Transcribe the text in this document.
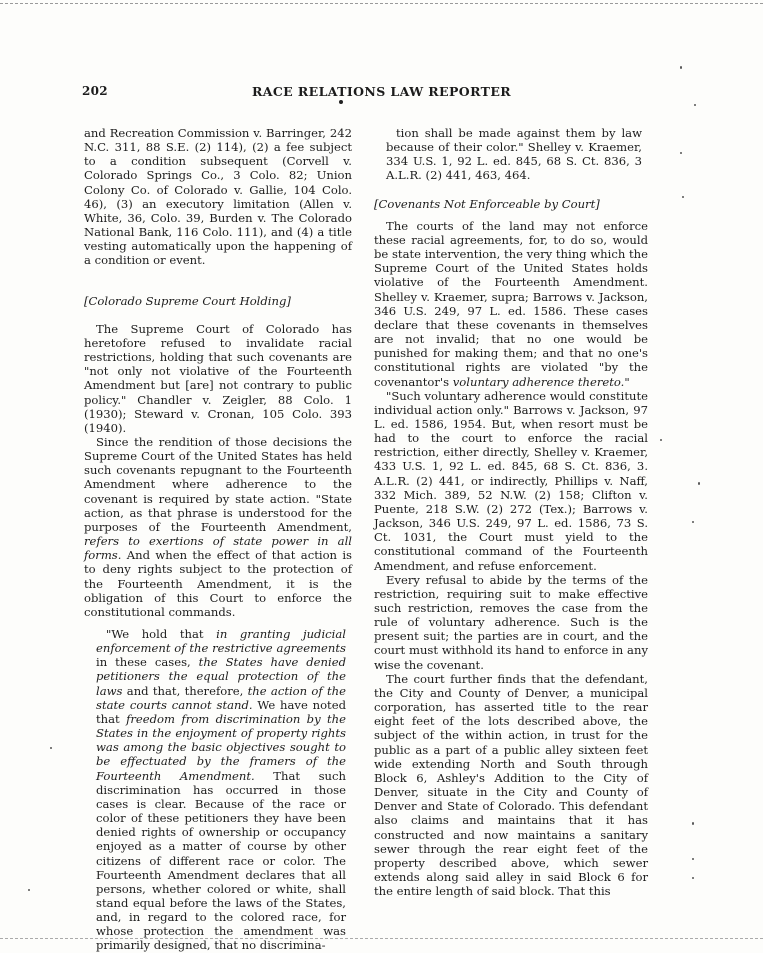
202	RACE RELATIONS LAW REPORTER

and Recreation Commission v. Barringer, 242 N.C. 311, 88 S.E. (2) 114), (2) a fee subject to a condition subsequent (Corvell v. Colorado Springs Co., 3 Colo. 82; Union Colony Co. of Colorado v. Gallie, 104 Colo. 46), (3) an executory limitation (Allen v. White, 36, Colo. 39, Burden v. The Colorado National Bank, 116 Colo. 111), and (4) a title vesting automatically upon the happening of a condition or event.

[Colorado Supreme Court Holding]

The Supreme Court of Colorado has heretofore refused to invalidate racial restrictions, holding that such covenants are "not only not violative of the Fourteenth Amendment but [are] not contrary to public policy." Chandler v. Zeigler, 88 Colo. 1 (1930); Steward v. Cronan, 105 Colo. 393 (1940).

Since the rendition of those decisions the Supreme Court of the United States has held such covenants repugnant to the Fourteenth Amendment where adherence to the covenant is required by state action. "State action, as that phrase is understood for the purposes of the Fourteenth Amendment, refers to exertions of state power in all forms. And when the effect of that action is to deny rights subject to the protection of the Fourteenth Amendment, it is the obligation of this Court to enforce the constitutional commands.

"We hold that in granting judicial enforcement of the restrictive agreements in these cases, the States have denied petitioners the equal protection of the laws and that, therefore, the action of the state courts cannot stand. We have noted that freedom from discrimination by the States in the enjoyment of property rights was among the basic objectives sought to be effectuated by the framers of the Fourteenth Amendment. That such discrimination has occurred in those cases is clear. Because of the race or color of these petitioners they have been denied rights of ownership or occupancy enjoyed as a matter of course by other citizens of different race or color. The Fourteenth Amendment declares that all persons, whether colored or white, shall stand equal before the laws of the States, and, in regard to the colored race, for whose protection the amendment was primarily designed, that no discrimina-

tion shall be made against them by law because of their color." Shelley v. Kraemer, 334 U.S. 1, 92 L. ed. 845, 68 S. Ct. 836, 3 A.L.R. (2) 441, 463, 464.

[Covenants Not Enforceable by Court]

The courts of the land may not enforce these racial agreements, for, to do so, would be state intervention, the very thing which the Supreme Court of the United States holds violative of the Fourteenth Amendment. Shelley v. Kraemer, supra; Barrows v. Jackson, 346 U.S. 249, 97 L. ed. 1586. These cases declare that these covenants in themselves are not invalid; that no one would be punished for making them; and that no one's constitutional rights are violated "by the covenantor's voluntary adherence thereto."

"Such voluntary adherence would constitute individual action only." Barrows v. Jackson, 97 L. ed. 1586, 1954. But, when resort must be had to the court to enforce the racial restriction, either directly, Shelley v. Kraemer, 433 U.S. 1, 92 L. ed. 845, 68 S. Ct. 836, 3. A.L.R. (2) 441, or indirectly, Phillips v. Naff, 332 Mich. 389, 52 N.W. (2) 158; Clifton v. Puente, 218 S.W. (2) 272 (Tex.); Barrows v. Jackson, 346 U.S. 249, 97 L. ed. 1586, 73 S. Ct. 1031, the Court must yield to the constitutional command of the Fourteenth Amendment, and refuse enforcement.

Every refusal to abide by the terms of the restriction, requiring suit to make effective such restriction, removes the case from the rule of voluntary adherence. Such is the present suit; the parties are in court, and the court must withhold its hand to enforce in any wise the covenant.

The court further finds that the defendant, the City and County of Denver, a municipal corporation, has asserted title to the rear eight feet of the lots described above, the subject of the within action, in trust for the public as a part of a public alley sixteen feet wide extending North and South through Block 6, Ashley's Addition to the City of Denver, situate in the City and County of Denver and State of Colorado. This defendant also claims and maintains that it has constructed and now maintains a sanitary sewer through the rear eight feet of the property described above, which sewer extends along said alley in said Block 6 for the entire length of said block. That this
